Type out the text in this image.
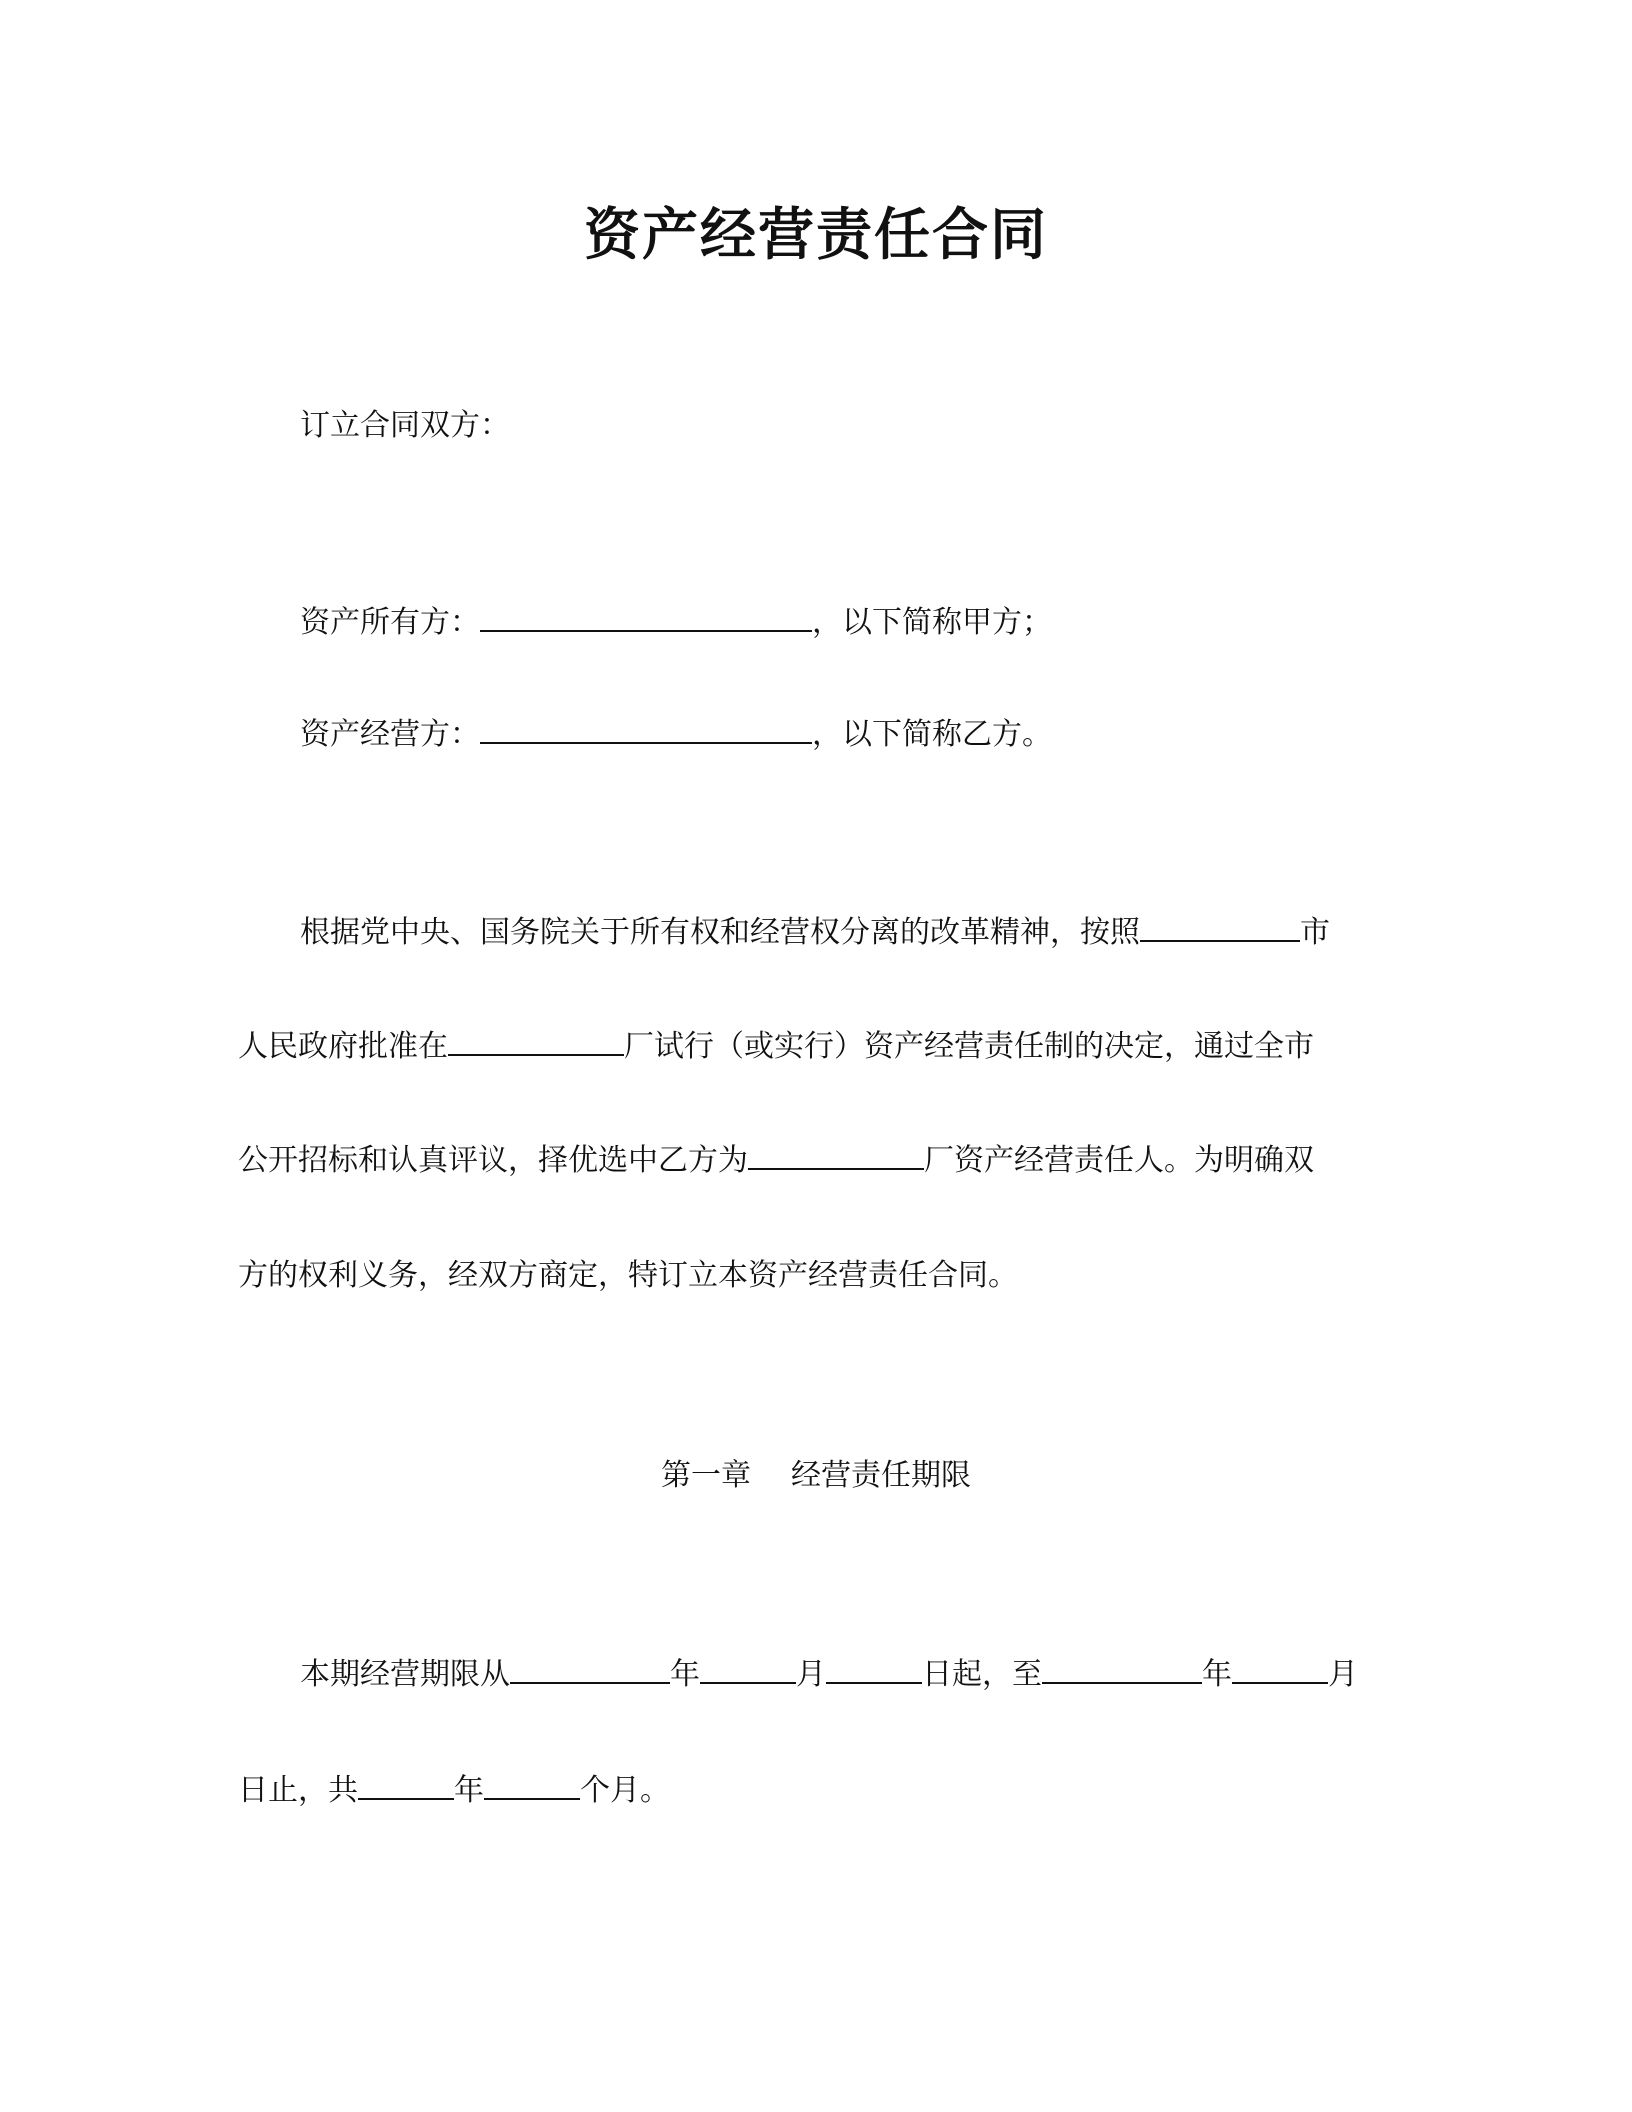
资产经营责任合同
订立合同双方：
资产所有方：	，以下简称甲方；
资产经营方：	，以下简称乙方。
根据党中央、国务院关于所有权和经营权分离的改革精神，按照	市
人民政府批准在	厂试行（或实行）资产经营责任制的决定，通过全市
公开招标和认真评议，择优选中乙方为	厂资产经营责任人。为明确双
方的权利义务，经双方商定，特订立本资产经营责任合同。
第一章 经营责任期限
本期经营期限从	年	月	日起，至	年	月
日止，共	年	个月。
